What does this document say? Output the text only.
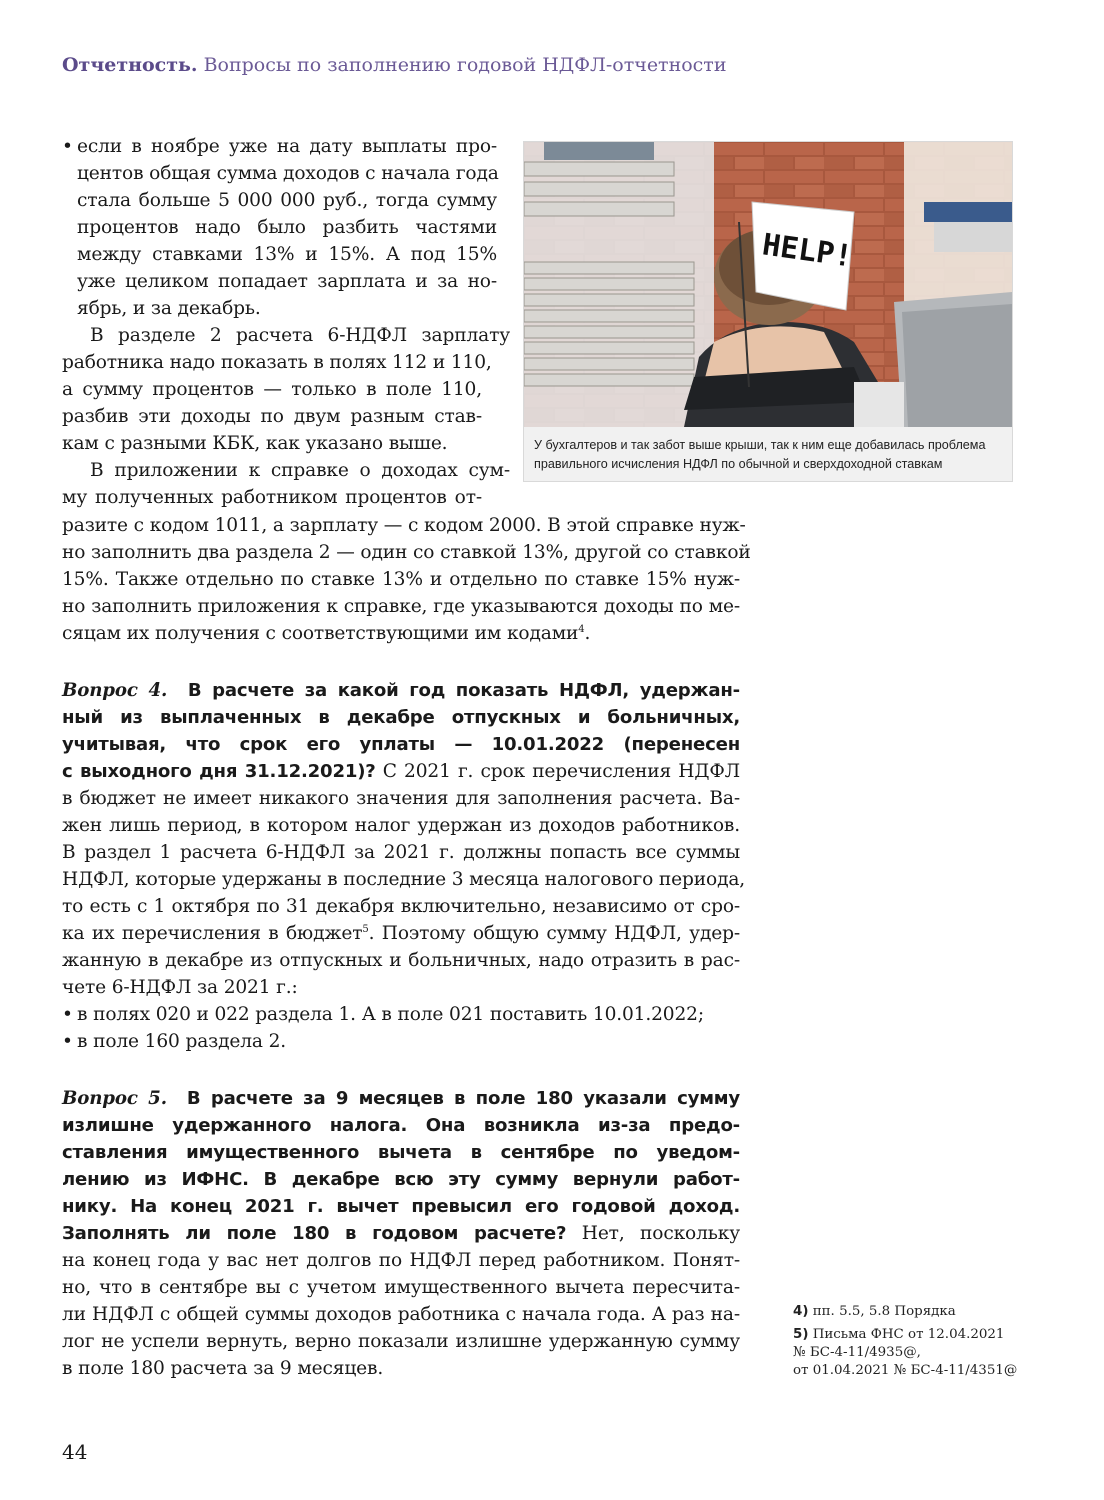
Отчетность. Вопросы по заполнению годовой НДФЛ-отчетности
HELP!
У бухгалтеров и так забот выше крыши, так к ним еще добавилась проблема
правильного исчисления НДФЛ по обычной и сверхдоходной ставкам
• если в ноябре уже на дату выплаты про-
центов общая сумма доходов с начала года
стала больше 5 000 000 руб., тогда сумму
процентов надо было разбить частями
между ставками 13% и 15%. А под 15%
уже целиком попадает зарплата и за но-
ябрь, и за декабрь.
В разделе 2 расчета 6-НДФЛ зарплату
работника надо показать в полях 112 и 110,
а сумму процентов — только в поле 110,
разбив эти доходы по двум разным став-
кам с разными КБК, как указано выше.
В приложении к справке о доходах сум-
му полученных работником процентов от-
разите с кодом 1011, а зарплату — с кодом 2000. В этой справке нуж-
но заполнить два раздела 2 — один со ставкой 13%, другой со ставкой
15%. Также отдельно по ставке 13% и отдельно по ставке 15% нуж-
но заполнить приложения к справке, где указываются доходы по ме-
сяцам их получения с соответствующими им кодами$^4$.
Вопрос 4. В расчете за какой год показать НДФЛ, удержан-
ный из выплаченных в декабре отпускных и больничных,
учитывая, что срок его уплаты — 10.01.2022 (перенесен
с выходного дня 31.12.2021)? С 2021 г. срок перечисления НДФЛ
в бюджет не имеет никакого значения для заполнения расчета. Ва-
жен лишь период, в котором налог удержан из доходов работников.
В раздел 1 расчета 6-НДФЛ за 2021 г. должны попасть все суммы
НДФЛ, которые удержаны в последние 3 месяца налогового периода,
то есть с 1 октября по 31 декабря включительно, независимо от сро-
ка их перечисления в бюджет$^5$. Поэтому общую сумму НДФЛ, удер-
жанную в декабре из отпускных и больничных, надо отразить в рас-
чете 6-НДФЛ за 2021 г.:
• в полях 020 и 022 раздела 1. А в поле 021 поставить 10.01.2022;
• в поле 160 раздела 2.
Вопрос 5. В расчете за 9 месяцев в поле 180 указали сумму
излишне удержанного налога. Она возникла из-за предо-
ставления имущественного вычета в сентябре по уведом-
лению из ИФНС. В декабре всю эту сумму вернули работ-
нику. На конец 2021 г. вычет превысил его годовой доход.
Заполнять ли поле 180 в годовом расчете? Нет, поскольку
на конец года у вас нет долгов по НДФЛ перед работником. Понят-
но, что в сентябре вы с учетом имущественного вычета пересчита-
ли НДФЛ с общей суммы доходов работника с начала года. А раз на-
лог не успели вернуть, верно показали излишне удержанную сумму
в поле 180 расчета за 9 месяцев.
4) пп. 5.5, 5.8 Порядка
5) Письма ФНС от 12.04.2021
№ БС-4-11/4935@,
от 01.04.2021 № БС-4-11/4351@
44
